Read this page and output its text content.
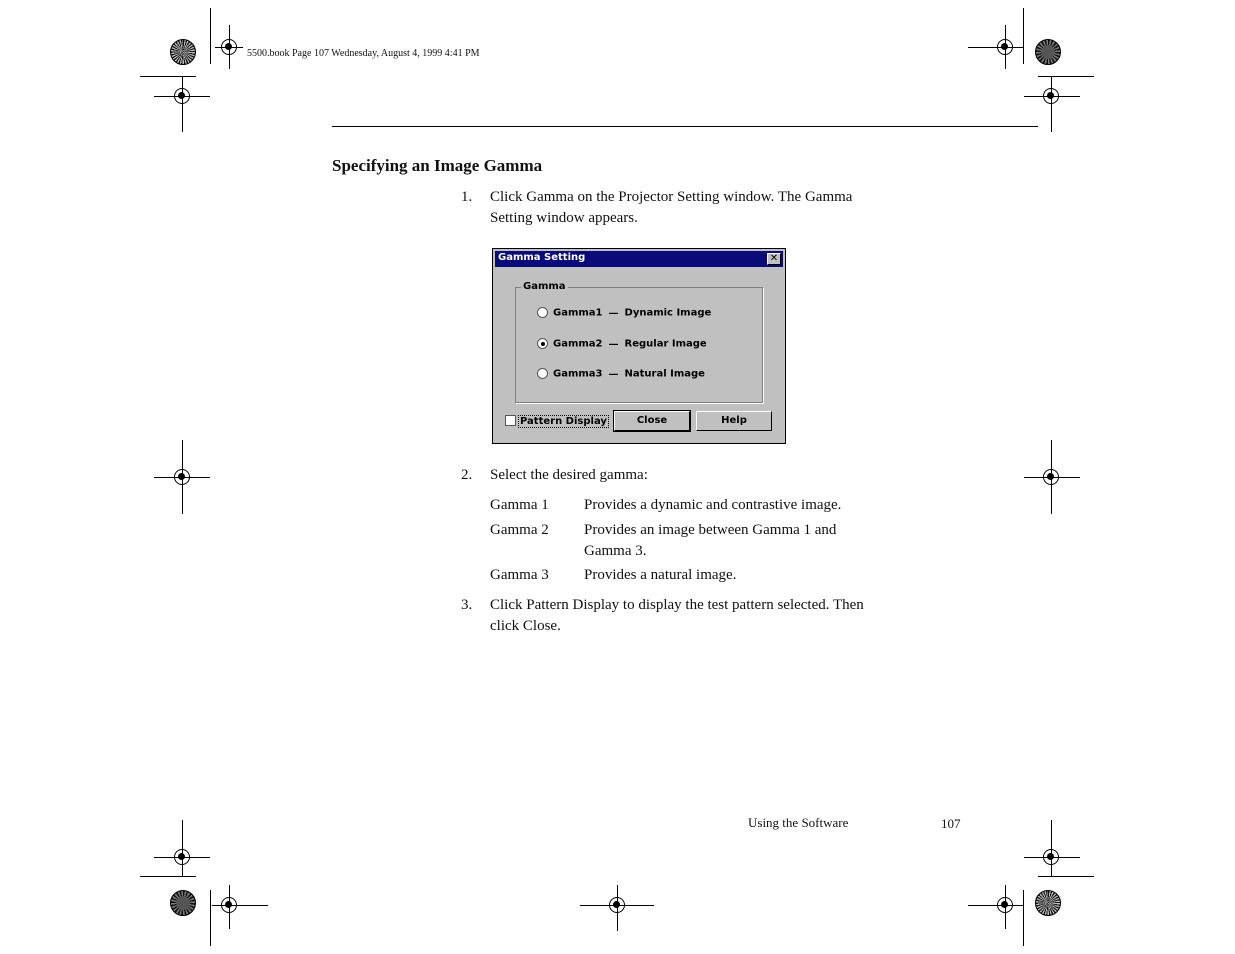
5500.book Page 107 Wednesday, August 4, 1999 4:41 PM
Specifying an Image Gamma
1. Click Gamma on the Projector Setting window. The Gamma
Setting window appears.
Gamma Setting	✕
Gamma
Gamma1 — Dynamic Image
Gamma2 — Regular Image
Gamma3 — Natural Image
Pattern Display	Close	Help
2. Select the desired gamma:
Gamma 1 Provides a dynamic and contrastive image.
Gamma 2 Provides an image between Gamma 1 and
Gamma 3.
Gamma 3 Provides a natural image.
3. Click Pattern Display to display the test pattern selected. Then
click Close.
Using the Software	107
